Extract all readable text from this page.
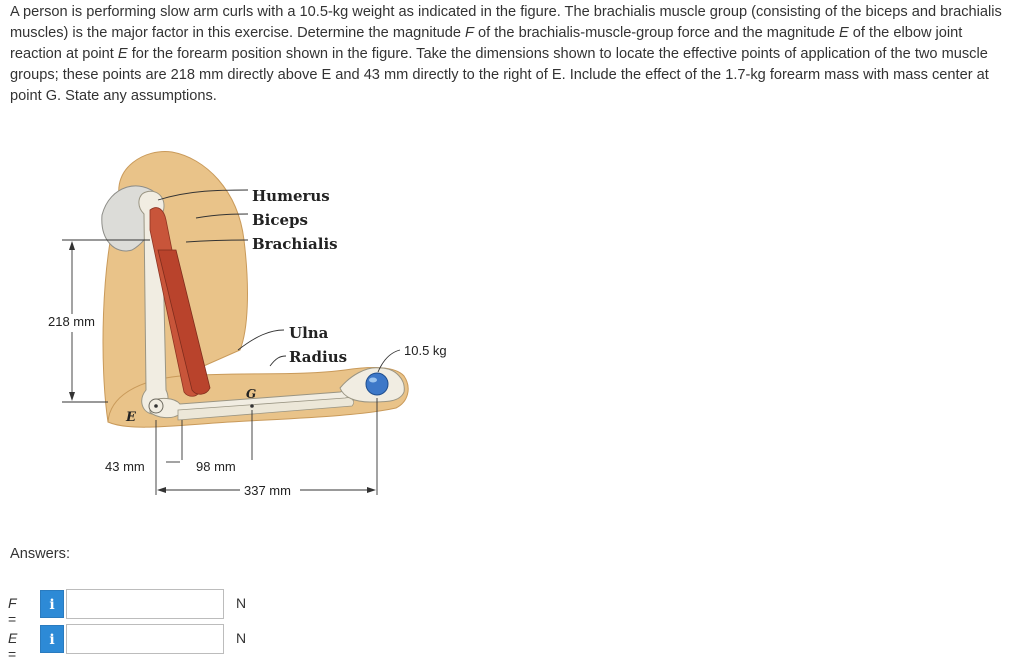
A person is performing slow arm curls with a 10.5-kg weight as indicated in the figure. The brachialis muscle group (consisting of the biceps and brachialis muscles) is the major factor in this exercise. Determine the magnitude F of the brachialis-muscle-group force and the magnitude E of the elbow joint reaction at point E for the forearm position shown in the figure. Take the dimensions shown to locate the effective points of application of the two muscle groups; these points are 218 mm directly above E and 43 mm directly to the right of E. Include the effect of the 1.7-kg forearm mass with mass center at point G. State any assumptions.
Humerus
Biceps
Brachialis
Ulna
Radius	10.5 kg
G
E
218 mm
43 mm	98 mm
337 mm
Answers:
F =
i	N
E =
i	N
